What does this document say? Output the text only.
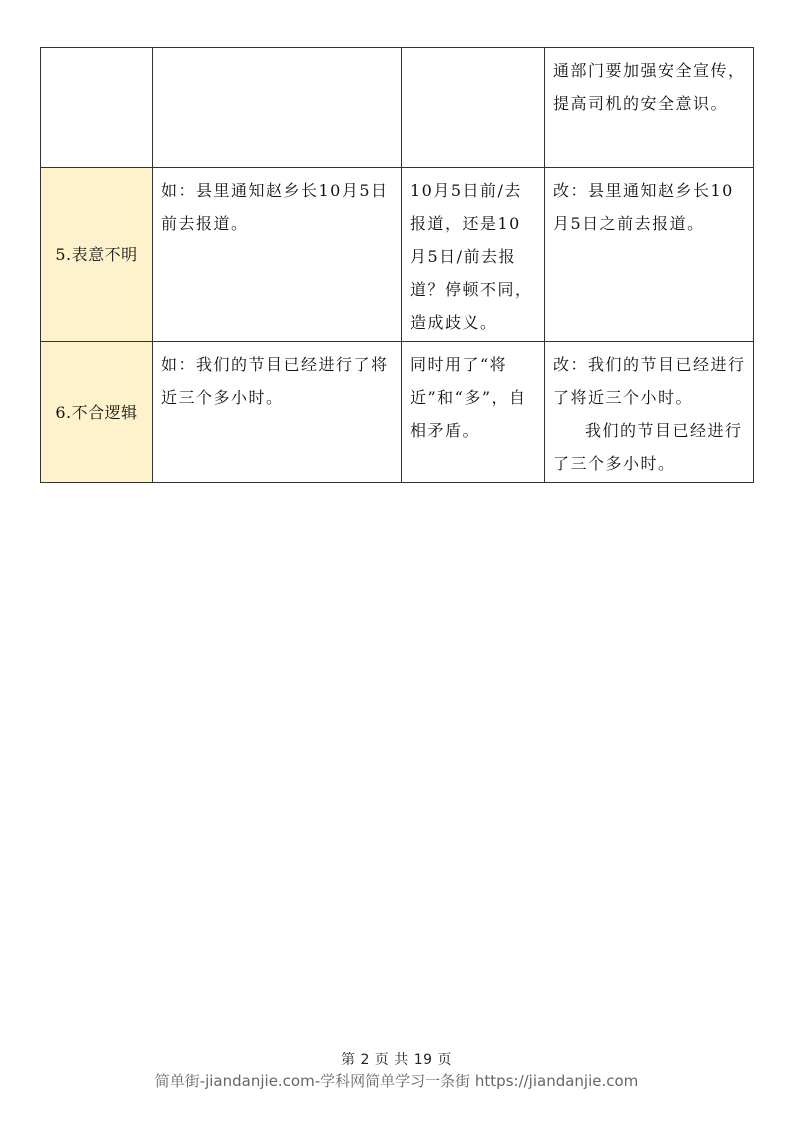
			通部门要加强安全宣传，提高司机的安全意识。
5.表意不明	如：县里通知赵乡长10月5日前去报道。	10月5日前/去报道，还是10月5日/前去报道？停顿不同，造成歧义。	改：县里通知赵乡长10月5日之前去报道。
6.不合逻辑	如：我们的节目已经进行了将近三个多小时。	同时用了“将近”和“多”，自相矛盾。	改：我们的节目已经进行了将近三个小时。
我们的节目已经进行了三个多小时。
第 2 页 共 19 页
简单街-jiandanjie.com-学科网简单学习一条街 https://jiandanjie.com
